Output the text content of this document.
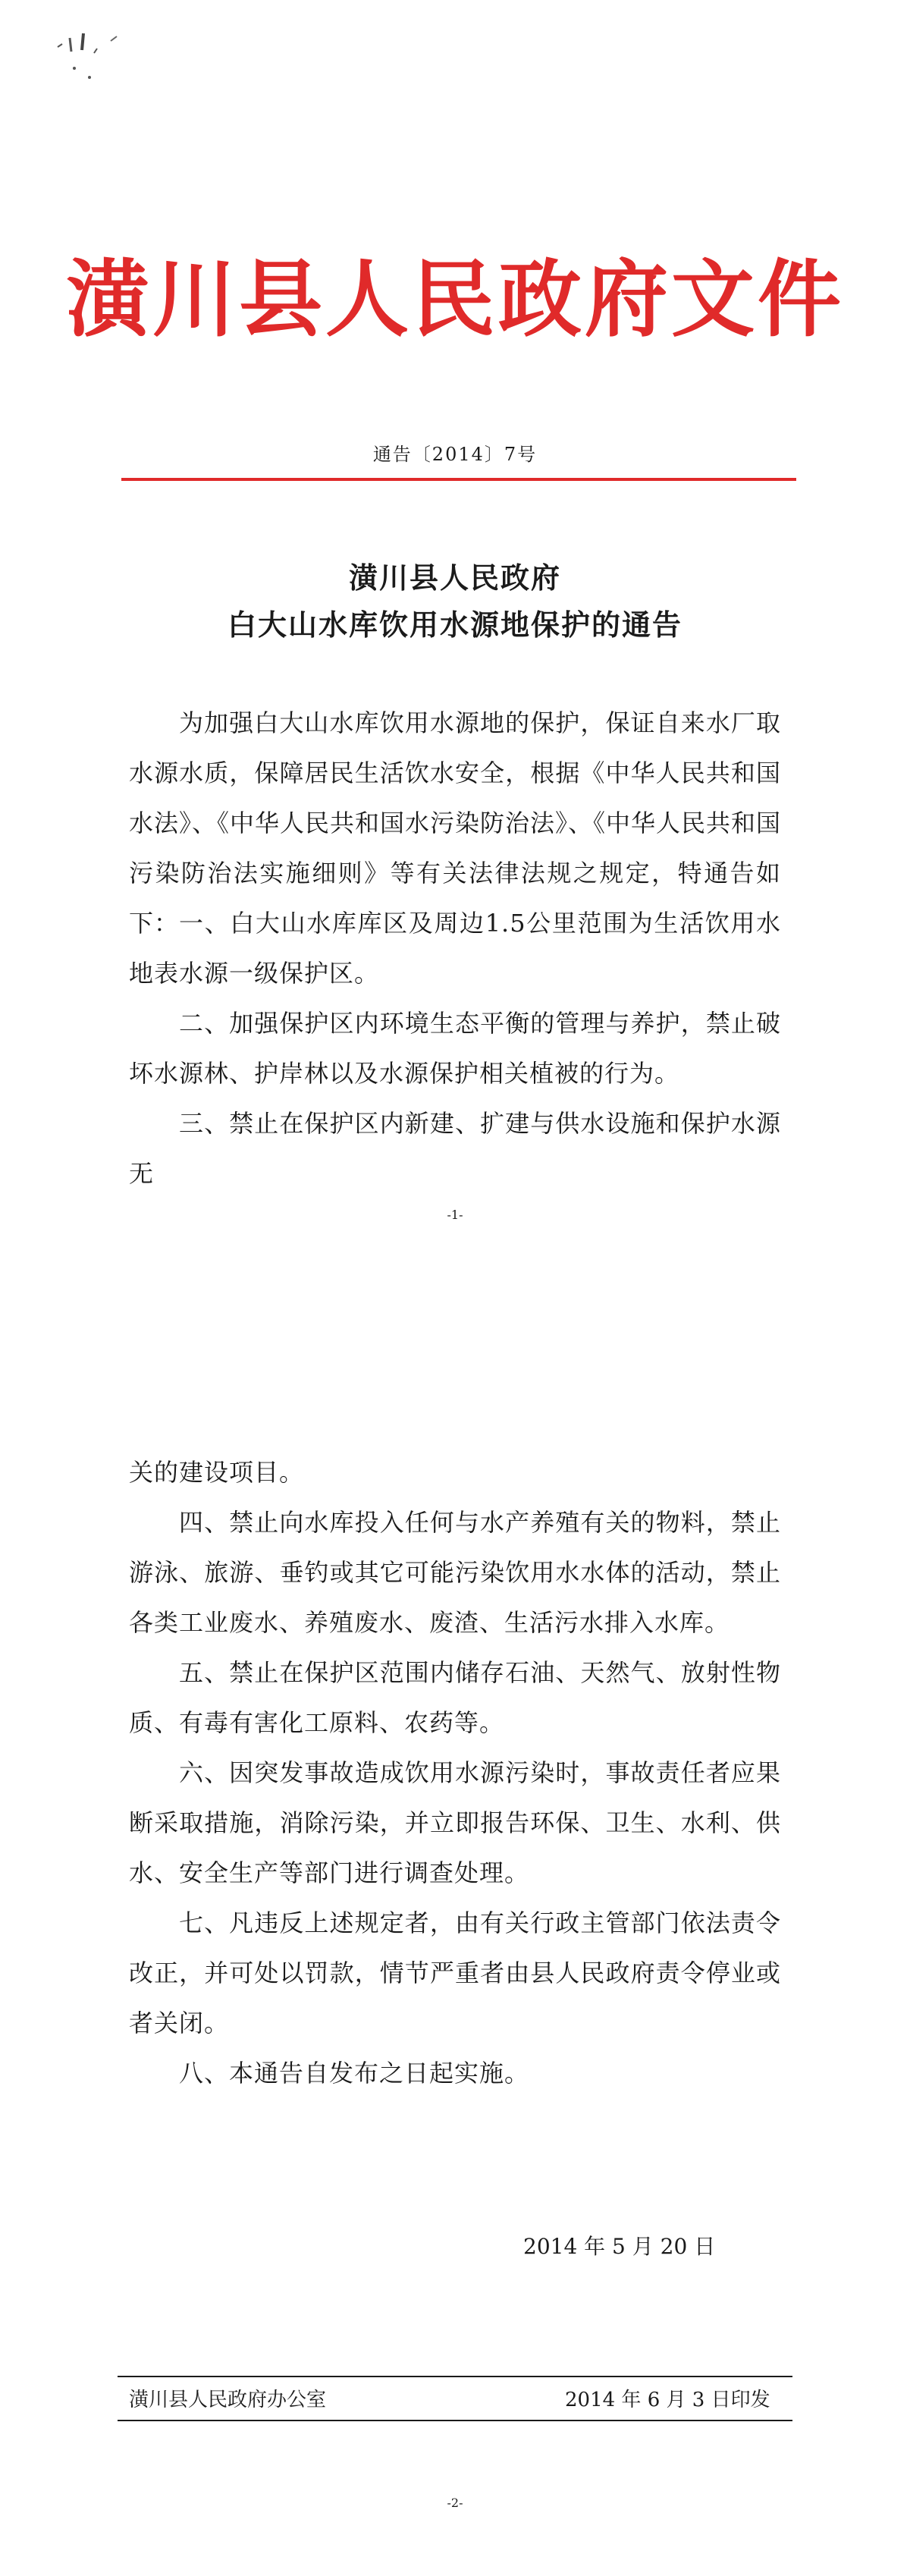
潢川县人民政府文件
通告〔2014〕7号
潢川县人民政府
白大山水库饮用水源地保护的通告

为加强白大山水库饮用水源地的保护，保证自来水厂取水源水质，保障居民生活饮水安全，根据《中华人民共和国水法》、《中华人民共和国水污染防治法》、《中华人民共和国污染防治法实施细则》等有关法律法规之规定，特通告如下： 一、白大山水库库区及周边1.5公里范围为生活饮用水地表水源一级保护区。

二、加强保护区内环境生态平衡的管理与养护，禁止破坏水源林、护岸林以及水源保护相关植被的行为。

三、禁止在保护区内新建、扩建与供水设施和保护水源无

-1-

关的建设项目。

四、禁止向水库投入任何与水产养殖有关的物料，禁止游泳、旅游、垂钓或其它可能污染饮用水水体的活动，禁止各类工业废水、养殖废水、废渣、生活污水排入水库。

五、禁止在保护区范围内储存石油、天然气、放射性物质、有毒有害化工原料、农药等。

六、因突发事故造成饮用水源污染时，事故责任者应果断采取措施，消除污染，并立即报告环保、卫生、水利、供水、安全生产等部门进行调查处理。

七、凡违反上述规定者，由有关行政主管部门依法责令改正，并可处以罚款，情节严重者由县人民政府责令停业或者关闭。

八、本通告自发布之日起实施。

2014 年 5 月 20 日
潢川县人民政府办公室	2014 年 6 月 3 日印发
-2-
